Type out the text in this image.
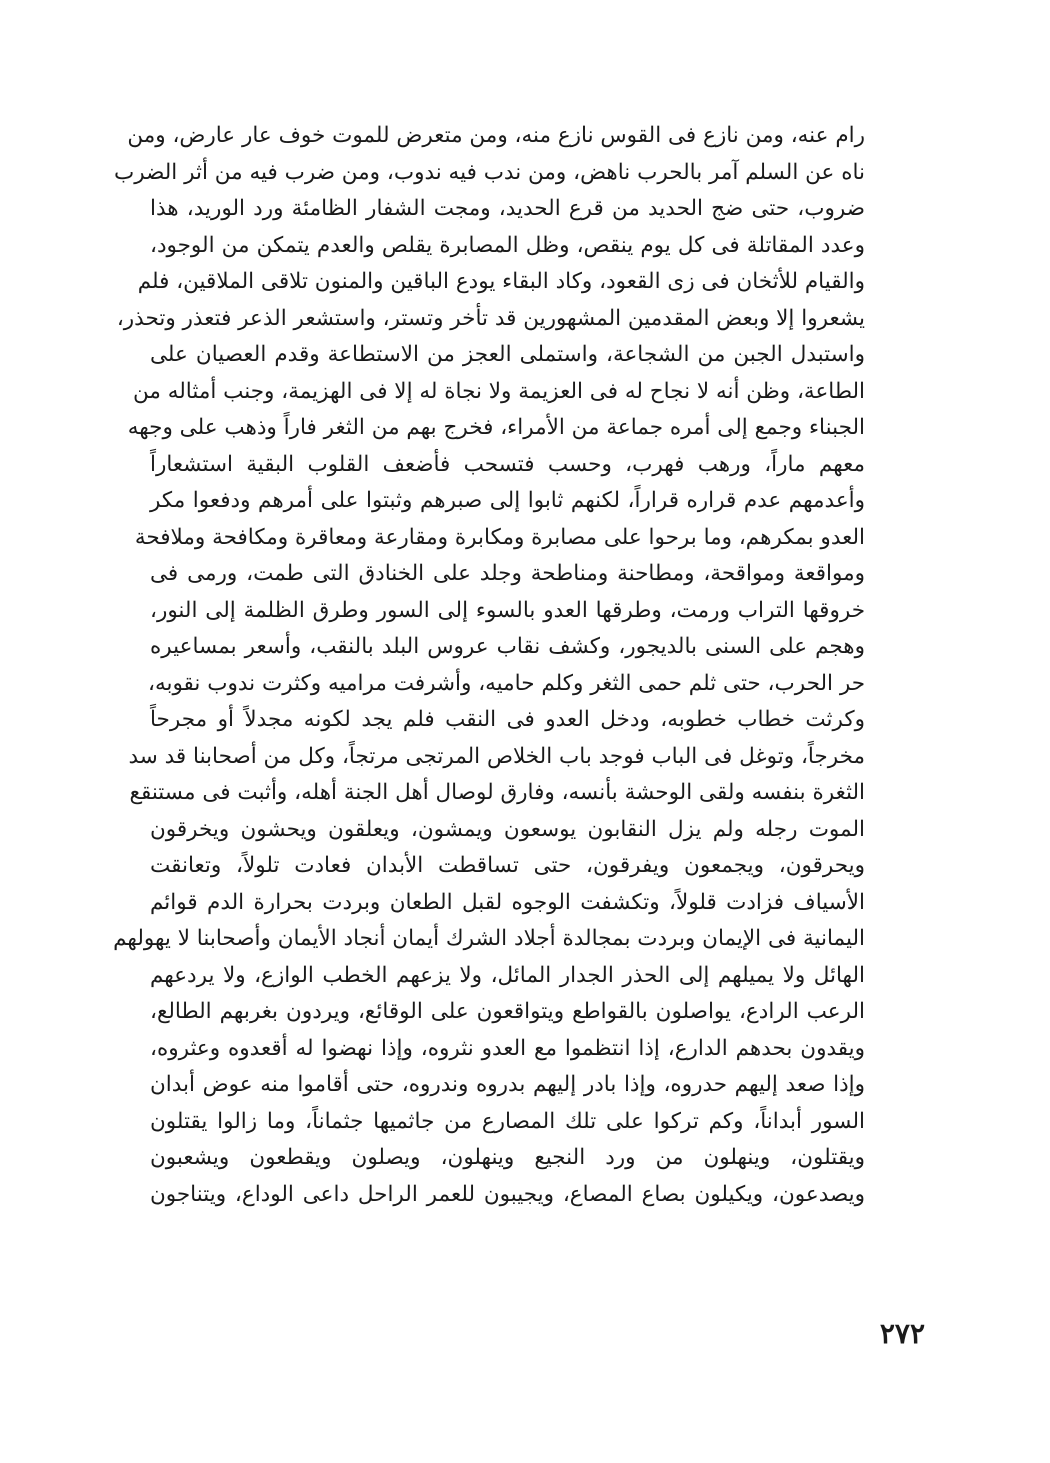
رام عنه، ومن نازع فى القوس نازع منه، ومن متعرض للموت خوف عار عارض، ومن
ناه عن السلم آمر بالحرب ناهض، ومن ندب فيه ندوب، ومن ضرب فيه من أثر الضرب
ضروب، حتى ضج الحديد من قرع الحديد، ومجت الشفار الظامئة ورد الوريد، هذا
وعدد المقاتلة فى كل يوم ينقص، وظل المصابرة يقلص والعدم يتمكن من الوجود،
والقيام للأثخان فى زى القعود، وكاد البقاء يودع الباقين والمنون تلاقى الملاقين، فلم
يشعروا إلا وبعض المقدمين المشهورين قد تأخر وتستر، واستشعر الذعر فتعذر وتحذر،
واستبدل الجبن من الشجاعة، واستملى العجز من الاستطاعة وقدم العصيان على
الطاعة، وظن أنه لا نجاح له فى العزيمة ولا نجاة له إلا فى الهزيمة، وجنب أمثاله من
الجبناء وجمع إلى أمره جماعة من الأمراء، فخرج بهم من الثغر فاراً وذهب على وجهه
معهم ماراً، ورهب فهرب، وحسب فتسحب فأضعف القلوب البقية استشعاراً
وأعدمهم عدم قراره قراراً، لكنهم ثابوا إلى صبرهم وثبتوا على أمرهم ودفعوا مكر
العدو بمكرهم، وما برحوا على مصابرة ومكابرة ومقارعة ومعاقرة ومكافحة وملافحة
ومواقعة ومواقحة، ومطاحنة ومناطحة وجلد على الخنادق التى طمت، ورمى فى
خروقها التراب ورمت، وطرقها العدو بالسوء إلى السور وطرق الظلمة إلى النور،
وهجم على السنى بالديجور، وكشف نقاب عروس البلد بالنقب، وأسعر بمساعيره
حر الحرب، حتى ثلم حمى الثغر وكلم حاميه، وأشرفت مراميه وكثرت ندوب نقوبه،
وكرثت خطاب خطوبه، ودخل العدو فى النقب فلم يجد لكونه مجدلاً أو مجرحاً
مخرجاً، وتوغل فى الباب فوجد باب الخلاص المرتجى مرتجاً، وكل من أصحابنا قد سد
الثغرة بنفسه ولقى الوحشة بأنسه، وفارق لوصال أهل الجنة أهله، وأثبت فى مستنقع
الموت رجله ولم يزل النقابون يوسعون ويمشون، ويعلقون ويحشون ويخرقون
ويحرقون، ويجمعون ويفرقون، حتى تساقطت الأبدان فعادت تلولاً، وتعانقت
الأسياف فزادت قلولاً، وتكشفت الوجوه لقبل الطعان وبردت بحرارة الدم قوائم
اليمانية فى الإيمان وبردت بمجالدة أجلاد الشرك أيمان أنجاد الأيمان وأصحابنا لا يهولهم
الهائل ولا يميلهم إلى الحذر الجدار المائل، ولا يزعهم الخطب الوازع، ولا يردعهم
الرعب الرادع، يواصلون بالقواطع ويتواقعون على الوقائع، ويردون بغربهم الطالع،
ويقدون بحدهم الدارع، إذا انتظموا مع العدو نثروه، وإذا نهضوا له أقعدوه وعثروه،
وإذا صعد إليهم حدروه، وإذا بادر إليهم بدروه وندروه، حتى أقاموا منه عوض أبدان
السور أبداناً، وكم تركوا على تلك المصارع من جاثميها جثماناً، وما زالوا يقتلون
ويقتلون، وينهلون من ورد النجيع وينهلون، ويصلون ويقطعون ويشعبون
ويصدعون، ويكيلون بصاع المصاع، ويجيبون للعمر الراحل داعى الوداع، ويتناجون
٢٧٢
